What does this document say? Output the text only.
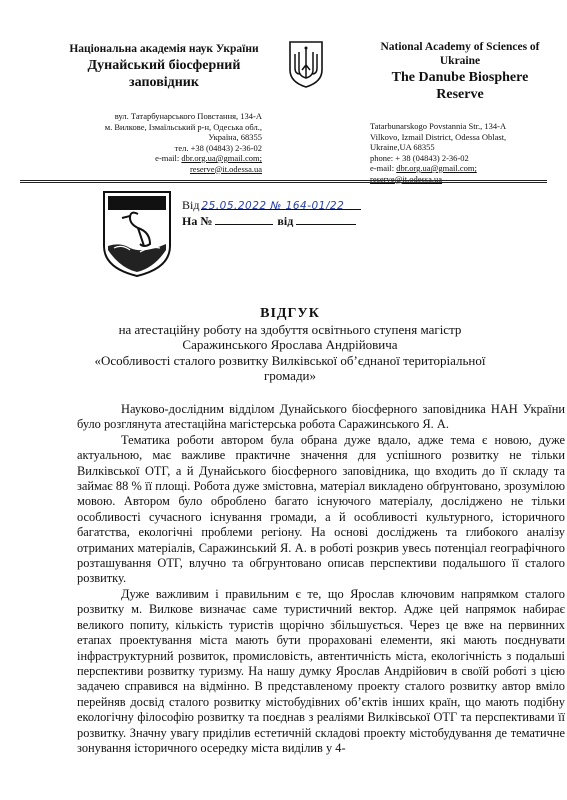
Національна академія наук України
Дунайський біосферний заповідник
вул. Татарбунарського Повстання, 134-А
м. Вилкове, Ізмаїльський р-н, Одеська обл.,
Україна, 68355
тел. +38 (04843) 2-36-02
e-mail: dbr.org.ua@gmail.com;
reserve@it.odessa.ua
National Academy of Sciences of Ukraine
The Danube Biosphere Reserve
Tatarbunarskogo Povstannia Str., 134-A
Vilkovo, Izmail District, Odessa Oblast,
Ukraine,UA 68355
phone: + 38 (04843) 2-36-02
e-mail: dbr.org.ua@gmail.com;
reserve@it.odessa.ua
Від 25.05.2022 № 164-01/22
На №	від
ВІДГУК
на атестаційну роботу на здобуття освітнього ступеня магістр
Саражинського Ярослава Андрійовича
«Особливості сталого розвитку Вилківської об’єднаної територіальної
громади»

Науково-дослідним відділом Дунайського біосферного заповідника НАН України було розглянута атестаційна магістерська робота Саражинського Я. А.

Тематика роботи автором була обрана дуже вдало, адже тема є новою, дуже актуальною, має важливе практичне значення для успішного розвитку не тільки Вилківської ОТГ, а й Дунайського біосферного заповідника, що входить до її складу та займає 88 % її площі. Робота дуже змістовна, матеріал викладено обґрунтовано, зрозумілою мовою. Автором було оброблено багато існуючого матеріалу, досліджено не тільки особливості сучасного існування громади, а й особливості культурного, історичного багатства, екологічні проблеми регіону. На основі досліджень та глибокого аналізу отриманих матеріалів, Саражинський Я. А. в роботі розкрив увесь потенціал географічного розташування ОТГ, влучно та обгрунтовано описав перспективи подальшого її сталого розвитку.

Дуже важливим і правильним є те, що Ярослав ключовим напрямком сталого розвитку м. Вилкове визначає саме туристичний вектор. Адже цей напрямок набирає великого попиту, кількість туристів щорічно збільшується. Через це вже на первинних етапах проектування міста мають бути прораховані елементи, які мають поєднувати інфраструктурний розвиток, промисловість, автентичність міста, екологічність з подальші перспективи розвитку туризму. На нашу думку Ярослав Андрійович в своїй роботі з цією задачею справився на відмінно. В представленому проекту сталого розвитку автор вміло перейняв досвід сталого розвитку містобудівних об’єктів інших країн, що мають подібну екологічну філософію розвитку та поєднав з реаліями Вилківської ОТГ та перспективами її розвитку. Значну увагу приділив естетичній складові проекту містобудування де тематичне зонування історичного осередку міста виділив у 4-
